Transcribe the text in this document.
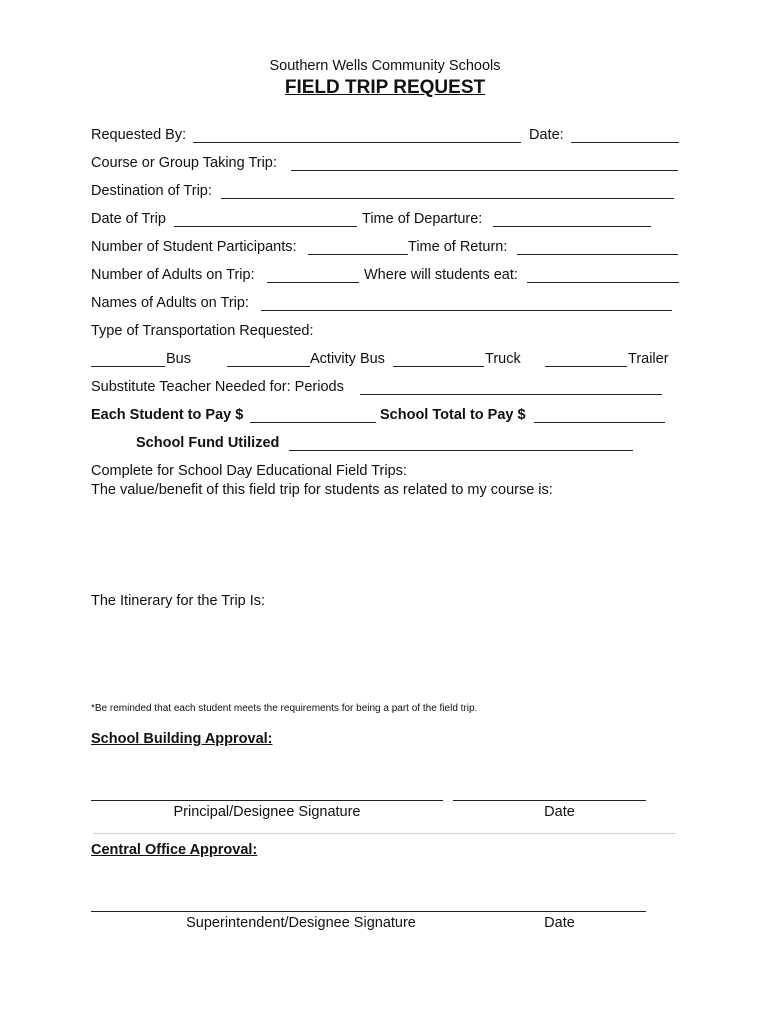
Southern Wells Community Schools
FIELD TRIP REQUEST
Requested By:	Date:
Course or Group Taking Trip:
Destination of Trip:
Date of Trip	Time of Departure:
Number of Student Participants:	Time of Return:
Number of Adults on Trip:	Where will students eat:
Names of Adults on Trip:
Type of Transportation Requested:
Bus	Activity Bus	Truck	Trailer
Substitute Teacher Needed for: Periods
Each Student to Pay $	School Total to Pay $
School Fund Utilized
Complete for School Day Educational Field Trips:
The value/benefit of this field trip for students as related to my course is:
The Itinerary for the Trip Is:
*Be reminded that each student meets the requirements for being a part of the field trip.
School Building Approval:
Principal/Designee Signature	Date
Central Office Approval:
Superintendent/Designee Signature	Date
